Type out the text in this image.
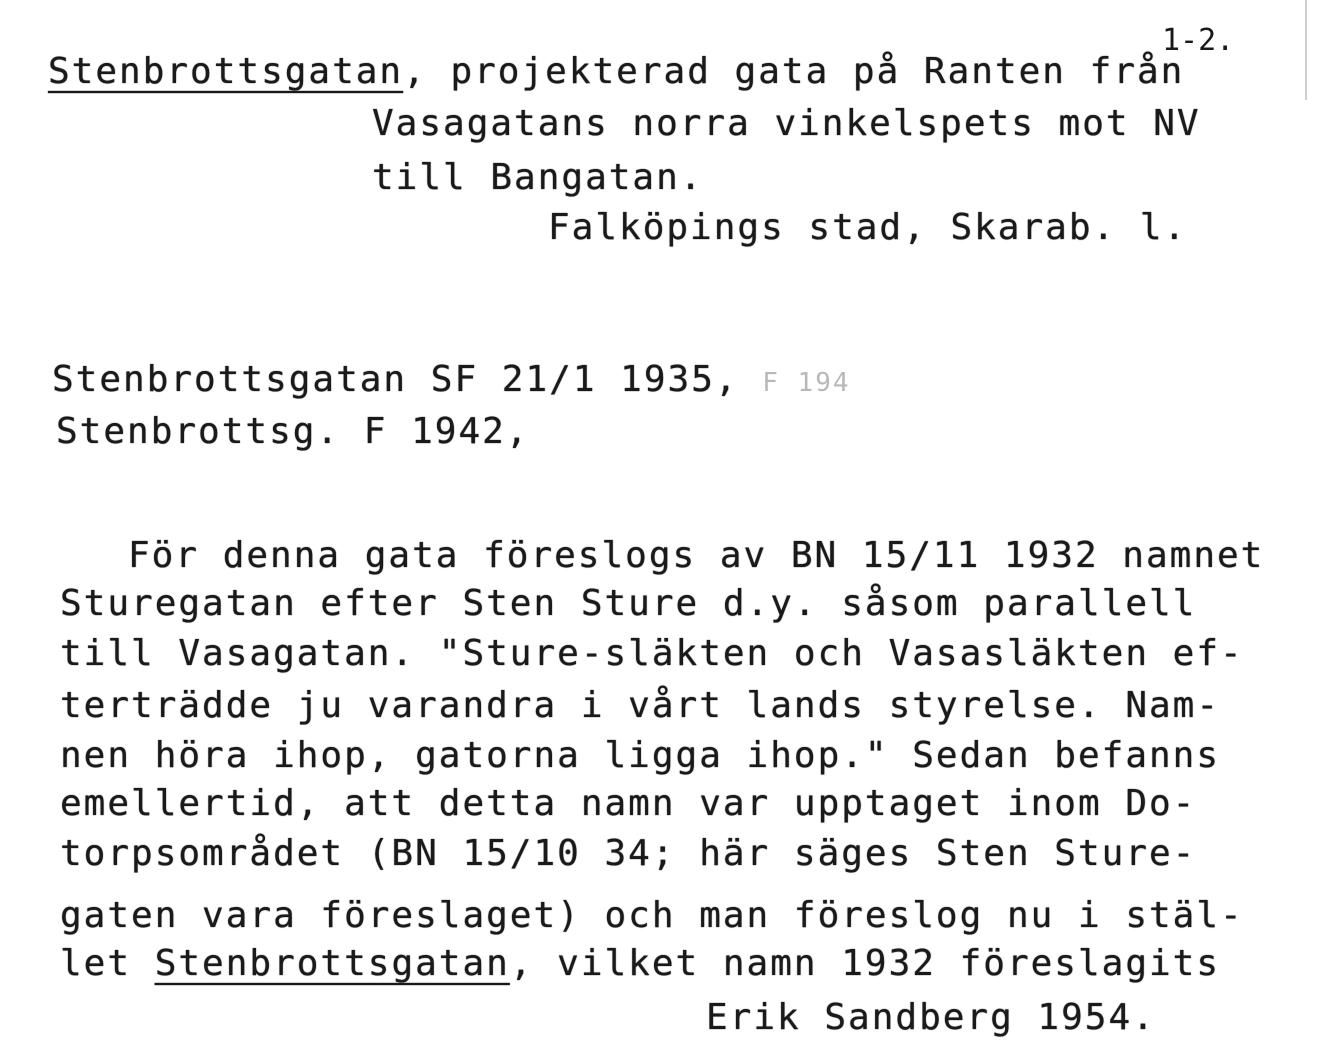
1-2.
Stenbrottsgatan, projekterad gata på Ranten från
Vasagatans norra vinkelspets mot NV
till Bangatan.
Falköpings stad, Skarab. l.
Stenbrottsgatan SF 21/1 1935, F 194
Stenbrottsg. F 1942,
För denna gata föreslogs av BN 15/11 1932 namnet
Sturegatan efter Sten Sture d.y. såsom parallell
till Vasagatan. "Sture-släkten och Vasasläkten ef-
terträdde ju varandra i vårt lands styrelse. Nam-
nen höra ihop, gatorna ligga ihop." Sedan befanns
emellertid, att detta namn var upptaget inom Do-
torpsområdet (BN 15/10 34; här säges Sten Sture-
gaten vara föreslaget) och man föreslog nu i stäl-
let Stenbrottsgatan, vilket namn 1932 föreslagits
Erik Sandberg 1954.
